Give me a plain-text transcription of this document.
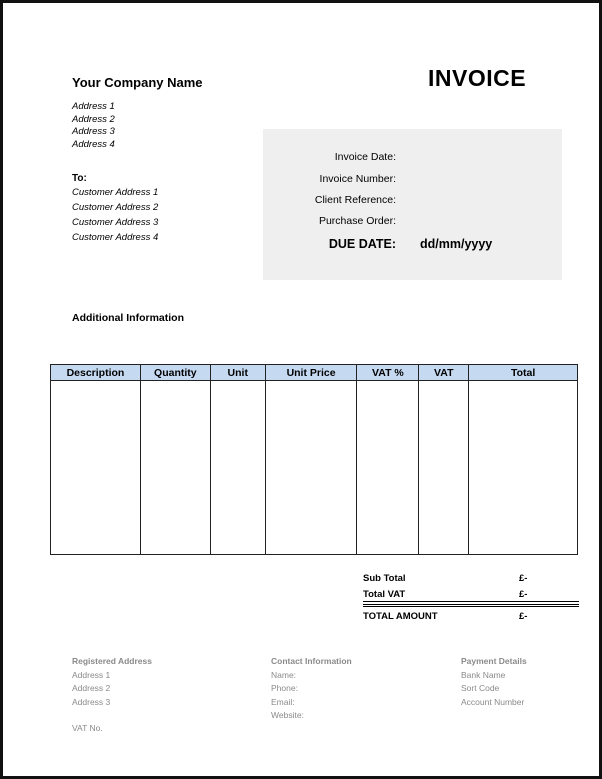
Your Company Name	INVOICE
Address 1
Address 2
Address 3
Address 4
To:
Customer Address 1
Customer Address 2
Customer Address 3
Customer Address 4
Invoice Date:
Invoice Number:
Client Reference:
Purchase Order:
DUE DATE: dd/mm/yyyy
Additional Information
Description	Quantity	Unit	Unit Price	VAT %	VAT	Total

Sub Total	£-
Total VAT	£-
TOTAL AMOUNT	£-
Registered Address
Address 1
Address 2
Address 3
Contact Information
Name:
Phone:
Email:
Website:
Payment Details
Bank Name
Sort Code
Account Number
VAT No.
